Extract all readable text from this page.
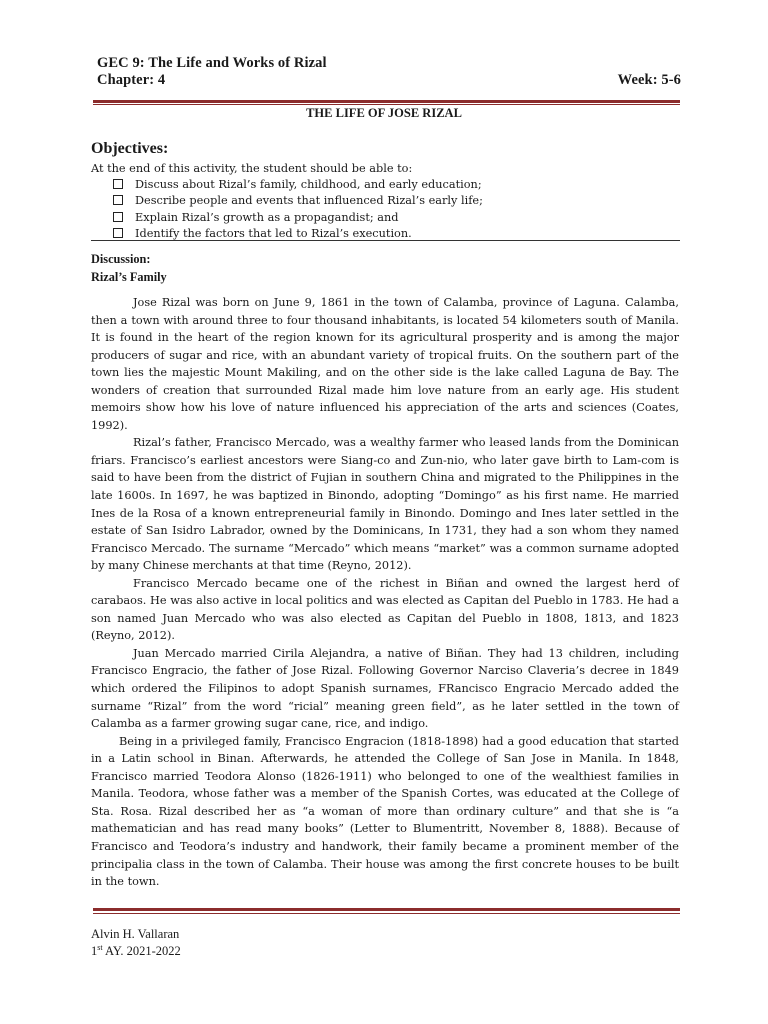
GEC 9: The Life and Works of Rizal
Chapter: 4	Week: 5-6
THE LIFE OF JOSE RIZAL
Objectives:
At the end of this activity, the student should be able to:
Discuss about Rizal’s family, childhood, and early education;
Describe people and events that influenced Rizal’s early life;
Explain Rizal’s growth as a propagandist; and
Identify the factors that led to Rizal’s execution.
Discussion:
Rizal’s Family

Jose Rizal was born on June 9, 1861 in the town of Calamba, province of Laguna. Calamba, then a town with around three to four thousand inhabitants, is located 54 kilometers south of Manila. It is found in the heart of the region known for its agricultural prosperity and is among the major producers of sugar and rice, with an abundant variety of tropical fruits. On the southern part of the town lies the majestic Mount Makiling, and on the other side is the lake called Laguna de Bay. The wonders of creation that surrounded Rizal made him love nature from an early age. His student memoirs show how his love of nature influenced his appreciation of the arts and sciences (Coates, 1992).

Rizal’s father, Francisco Mercado, was a wealthy farmer who leased lands from the Dominican friars. Francisco’s earliest ancestors were Siang-co and Zun-nio, who later gave birth to Lam-com is said to have been from the district of Fujian in southern China and migrated to the Philippines in the late 1600s. In 1697, he was baptized in Binondo, adopting “Domingo” as his first name. He married Ines de la Rosa of a known entrepreneurial family in Binondo. Domingo and Ines later settled in the estate of San Isidro Labrador, owned by the Dominicans, In 1731, they had a son whom they named Francisco Mercado. The surname “Mercado” which means “market” was a common surname adopted by many Chinese merchants at that time (Reyno, 2012).

Francisco Mercado became one of the richest in Biñan and owned the largest herd of carabaos. He was also active in local politics and was elected as Capitan del Pueblo in 1783. He had a son named Juan Mercado who was also elected as Capitan del Pueblo in 1808, 1813, and 1823 (Reyno, 2012).

Juan Mercado married Cirila Alejandra, a native of Biñan. They had 13 children, including Francisco Engracio, the father of Jose Rizal. Following Governor Narciso Claveria’s decree in 1849 which ordered the Filipinos to adopt Spanish surnames, FRancisco Engracio Mercado added the surname “Rizal” from the word “ricial” meaning green field”, as he later settled in the town of Calamba as a farmer growing sugar cane, rice, and indigo.

Being in a privileged family, Francisco Engracion (1818-1898) had a good education that started in a Latin school in Binan. Afterwards, he attended the College of San Jose in Manila. In 1848, Francisco married Teodora Alonso (1826-1911) who belonged to one of the wealthiest families in Manila. Teodora, whose father was a member of the Spanish Cortes, was educated at the College of Sta. Rosa. Rizal described her as “a woman of more than ordinary culture” and that she is “a mathematician and has read many books” (Letter to Blumentritt, November 8, 1888). Because of Francisco and Teodora’s industry and handwork, their family became a prominent member of the principalia class in the town of Calamba. Their house was among the first concrete houses to be built in the town.

Alvin H. Vallaran
1st AY. 2021-2022
